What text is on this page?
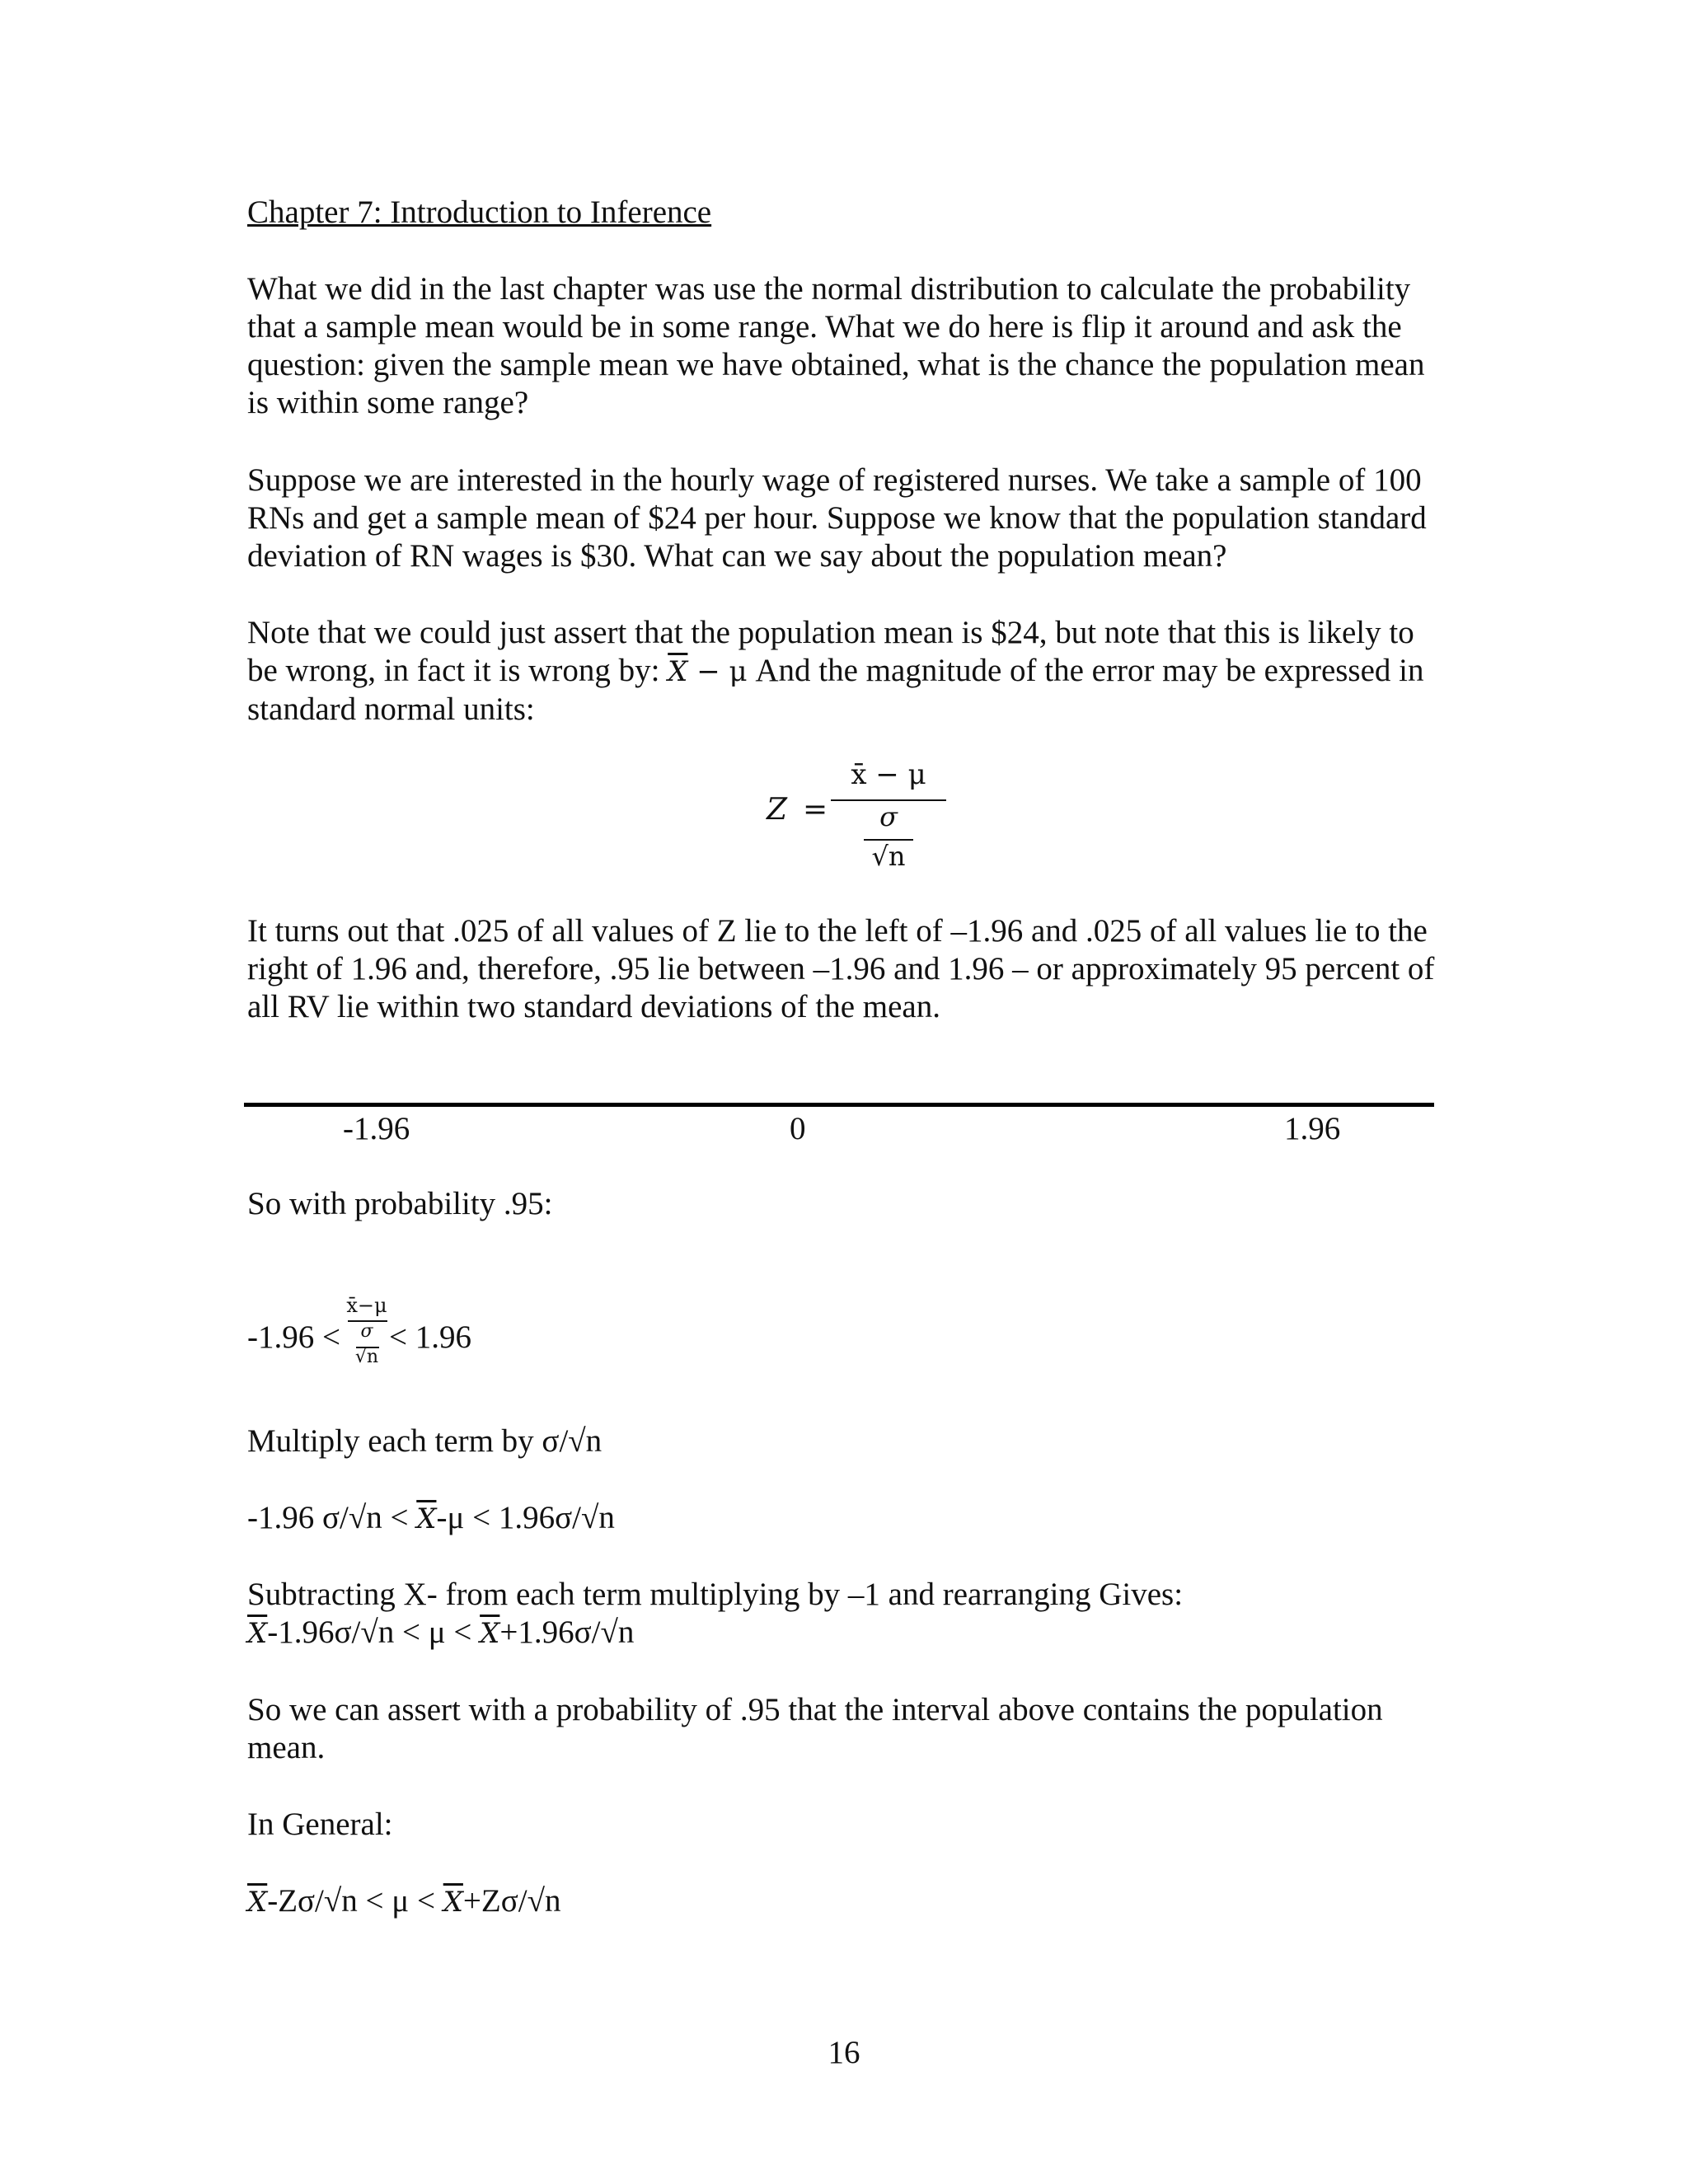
Chapter 7: Introduction to Inference
What we did in the last chapter was use the normal distribution to calculate the probability that a sample mean would be in some range. What we do here is flip it around and ask the question: given the sample mean we have obtained, what is the chance the population mean is within some range?
Suppose we are interested in the hourly wage of registered nurses. We take a sample of 100 RNs and get a sample mean of $24 per hour. Suppose we know that the population standard deviation of RN wages is $30. What can we say about the population mean?
Note that we could just assert that the population mean is $24, but note that this is likely to be wrong, in fact it is wrong by: $\overline{X} - \mu$ And the magnitude of the error may be expressed in standard normal units:
Z =
x̄ − μ
σ
√n
It turns out that .025 of all values of Z lie to the left of –1.96 and .025 of all values lie to the right of 1.96 and, therefore, .95 lie between –1.96 and 1.96 – or approximately 95 percent of all RV lie within two standard deviations of the mean.
-1.96	0	1.96
So with probability .95:
-1.96 <
x̄−μ
σ
√n
< 1.96
Multiply each term by σ/√n
-1.96 $\sigma/√n < \overline{X}-\mu < 1.96\sigma/√n$
Subtracting X- from each term multiplying by –1 and rearranging Gives:
$\overline{X}-1.96\sigma/√n < \mu < \overline{X}+1.96\sigma/√n$
So we can assert with a probability of .95 that the interval above contains the population mean.
In General:
$\overline{X}-Z\sigma/√n < \mu < \overline{X}+Z\sigma/√n$
16
